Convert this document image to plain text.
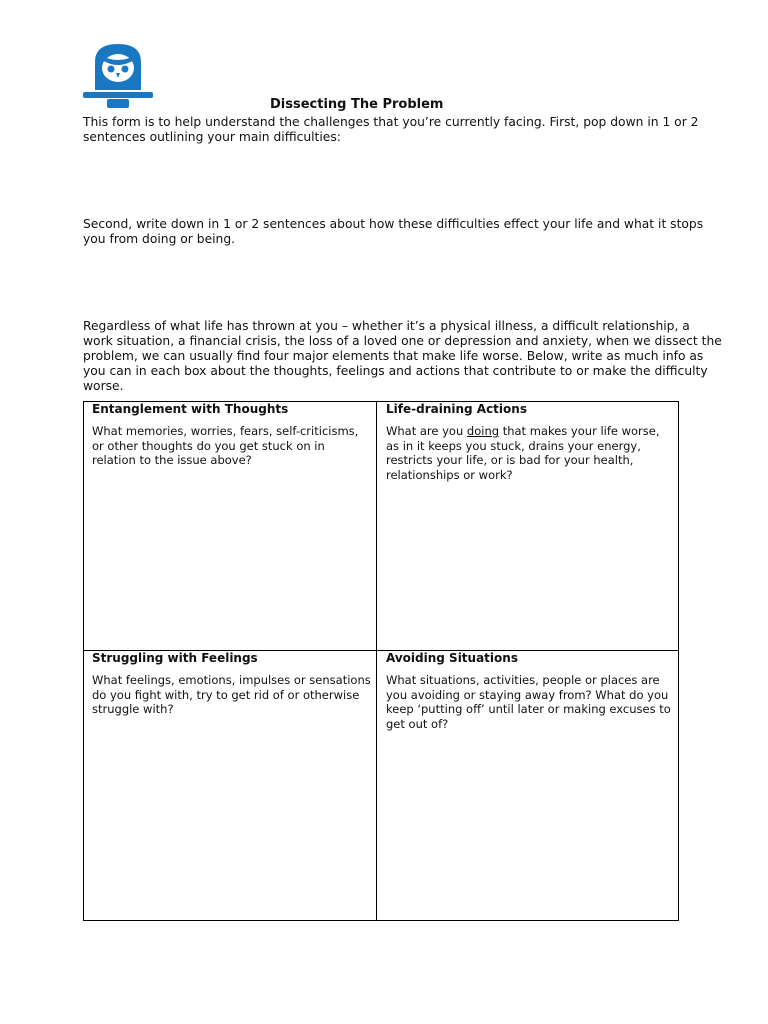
Dissecting The Problem

This form is to help understand the challenges that you’re currently facing. First, pop down in 1 or 2 sentences outlining your main difficulties:

Second, write down in 1 or 2 sentences about how these difficulties effect your life and what it stops you from doing or being.

Regardless of what life has thrown at you – whether it’s a physical illness, a difficult relationship, a work situation, a financial crisis, the loss of a loved one or depression and anxiety, when we dissect the problem, we can usually find four major elements that make life worse. Below, write as much info as you can in each box about the thoughts, feelings and actions that contribute to or make the difficulty worse.

Entanglement with Thoughts

What memories, worries, fears, self-criticisms, or other thoughts do you get stuck on in relation to the issue above?

Life-draining Actions

What are you doing that makes your life worse, as in it keeps you stuck, drains your energy, restricts your life, or is bad for your health, relationships or work?

Struggling with Feelings

What feelings, emotions, impulses or sensations do you fight with, try to get rid of or otherwise struggle with?

Avoiding Situations

What situations, activities, people or places are you avoiding or staying away from? What do you keep ‘putting off’ until later or making excuses to get out of?
